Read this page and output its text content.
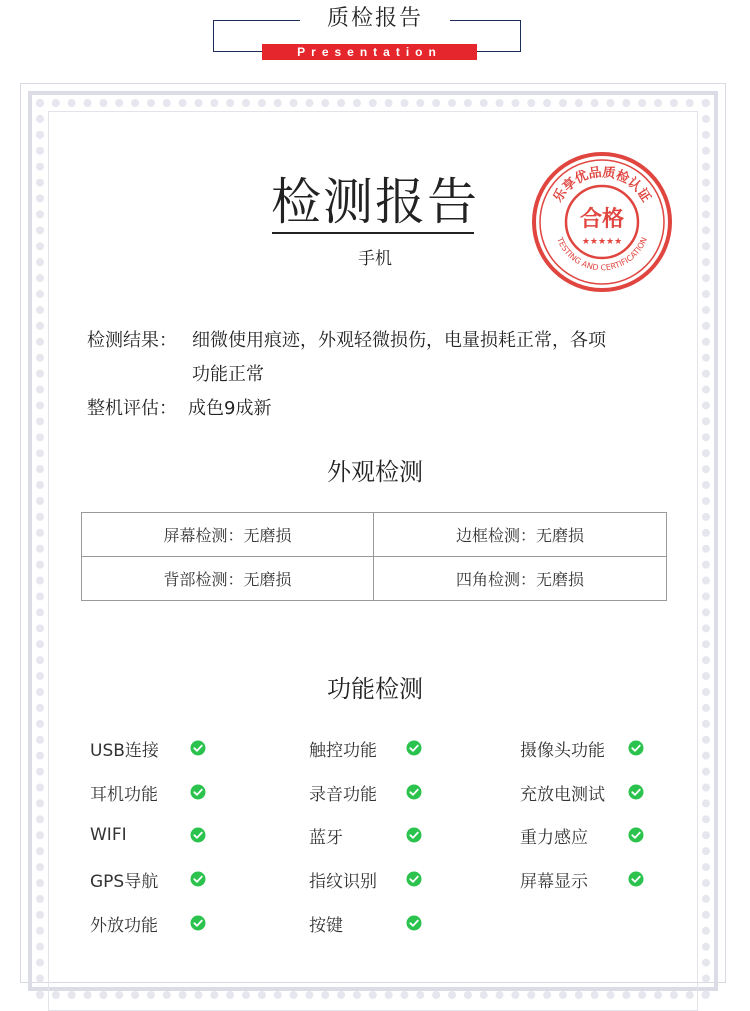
质检报告
Presentation
检测报告
手机
乐享优品质检认证
TESTING AND CERTIFICATION
合格
★★★★★
检测结果： 细微使用痕迹，外观轻微损伤，电量损耗正常，各项功能正常
整机评估： 成色9成新
外观检测
屏幕检测：无磨损	边框检测：无磨损
背部检测：无磨损	四角检测：无磨损
功能检测
USB连接	触控功能	摄像头功能
耳机功能	录音功能	充放电测试
WIFI	蓝牙	重力感应
GPS导航	指纹识别	屏幕显示
外放功能	按键
